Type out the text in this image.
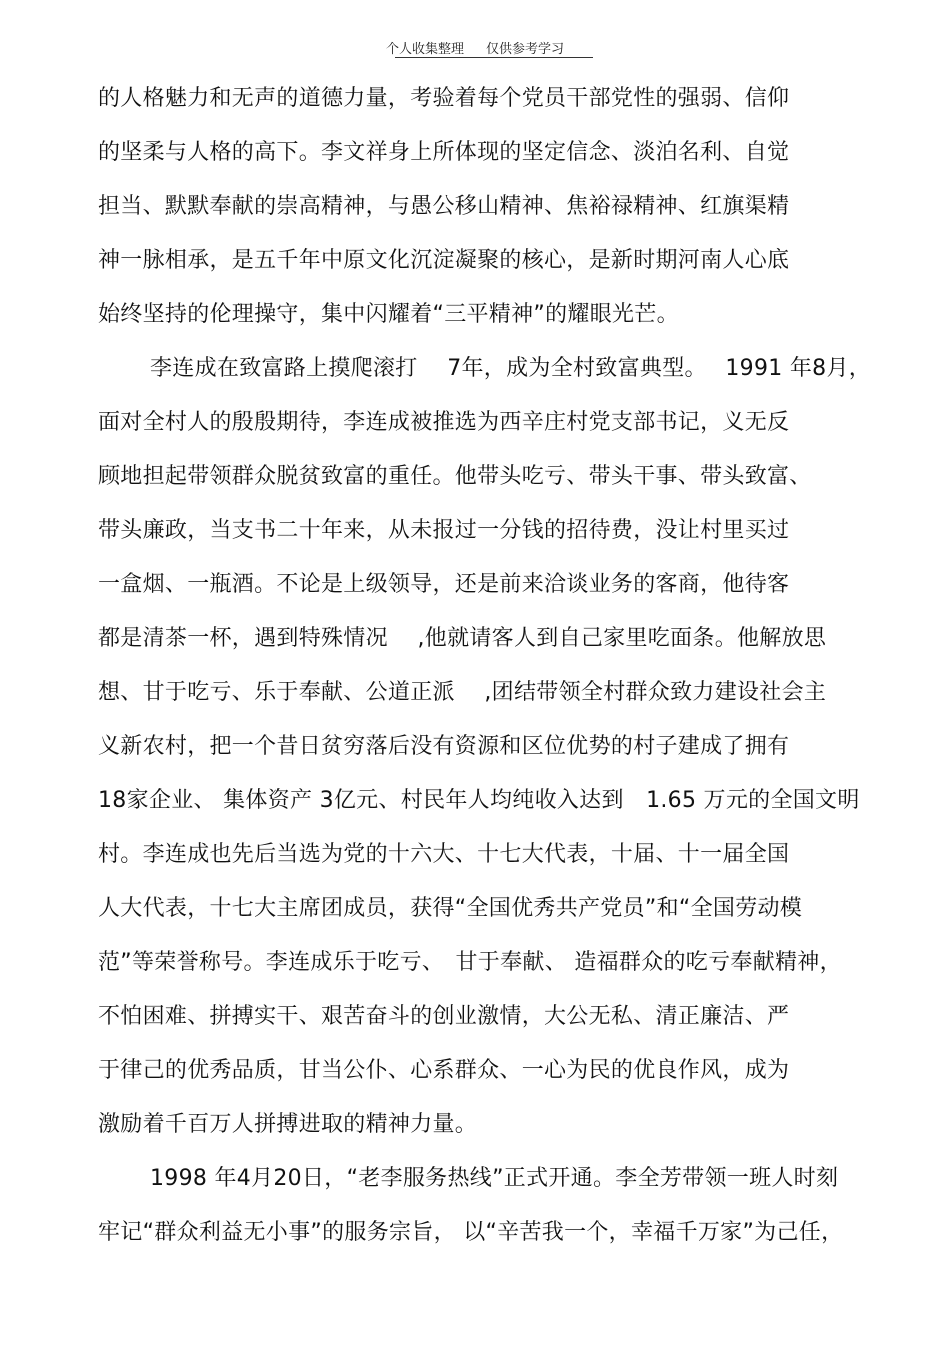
个人收集整理 仅供参考学习
的人格魅力和无声的道德力量，考验着每个党员干部党性的强弱、信仰
的坚柔与人格的高下。李文祥身上所体现的坚定信念、淡泊名利、自觉
担当、默默奉献的崇高精神，与愚公移山精神、焦裕禄精神、红旗渠精
神一脉相承，是五千年中原文化沉淀凝聚的核心，是新时期河南人心底
始终坚持的伦理操守，集中闪耀着“三平精神”的耀眼光芒。
李连成在致富路上摸爬滚打　 7年，成为全村致富典型。　 1991 年8月，
面对全村人的殷殷期待，李连成被推选为西辛庄村党支部书记，义无反
顾地担起带领群众脱贫致富的重任。他带头吃亏、带头干事、带头致富、
带头廉政，当支书二十年来，从未报过一分钱的招待费，没让村里买过
一盒烟、一瓶酒。不论是上级领导，还是前来洽谈业务的客商，他待客
都是清茶一杯，遇到特殊情况　 ,他就请客人到自己家里吃面条。他解放思
想、甘于吃亏、乐于奉献、公道正派　 ,团结带领全村群众致力建设社会主
义新农村，把一个昔日贫穷落后没有资源和区位优势的村子建成了拥有
18家企业、 集体资产 3亿元、村民年人均纯收入达到　1.65 万元的全国文明
村。李连成也先后当选为党的十六大、十七大代表，十届、十一届全国
人大代表，十七大主席团成员，获得“全国优秀共产党员”和“全国劳动模
范”等荣誉称号。李连成乐于吃亏、　甘于奉献、 造福群众的吃亏奉献精神，
不怕困难、拼搏实干、艰苦奋斗的创业激情，大公无私、清正廉洁、严
于律己的优秀品质，甘当公仆、心系群众、一心为民的优良作风，成为
激励着千百万人拼搏进取的精神力量。
1998 年4月20日，“老李服务热线”正式开通。李全芳带领一班人时刻
牢记“群众利益无小事”的服务宗旨， 以“辛苦我一个，幸福千万家”为己任，
